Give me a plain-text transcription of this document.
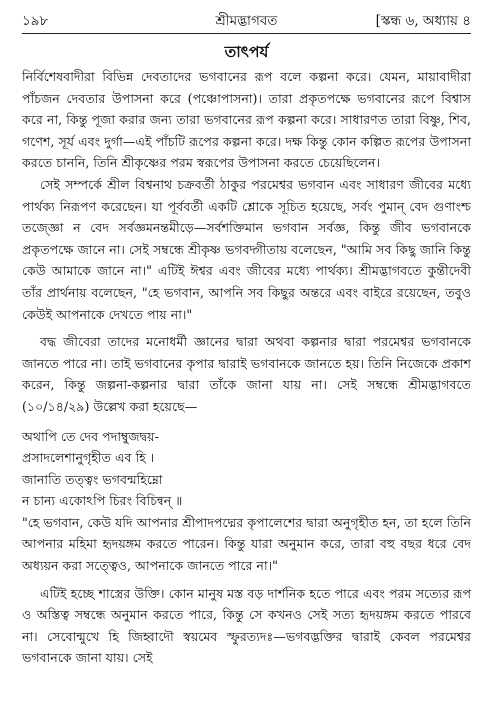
শ্রীমদ্ভাগবত
১৯৮	[স্কন্ধ ৬, অধ্যায় ৪
তাৎপর্য

নির্বিশেষবাদীরা বিভিন্ন দেবতাদের ভগবানের রূপ বলে কল্পনা করে। যেমন, মায়াবাদীরা পাঁচজন দেবতার উপাসনা করে (পঞ্চোপাসনা)। তারা প্রকৃতপক্ষে ভগবানের রূপে বিশ্বাস করে না, কিন্তু পূজা করার জন্য তারা ভগবানের রূপ কল্পনা করে। সাধারণত তারা বিষ্ণু, শিব, গণেশ, সূর্য এবং দুর্গা—এই পাঁচটি রূপের কল্পনা করে। দক্ষ কিন্তু কোন কল্পিত রূপের উপাসনা করতে চাননি, তিনি শ্রীকৃষ্ণের পরম স্বরূপের উপাসনা করতে চেয়েছিলেন।

সেই সম্পর্কে শ্রীল বিশ্বনাথ চক্রবর্তী ঠাকুর পরমেশ্বর ভগবান এবং সাধারণ জীবের মধ্যে পার্থক্য নিরূপণ করেছেন। যা পূর্ববর্তী একটি শ্লোকে সূচিত হয়েছে, সর্বং পুমান্ বেদ গুণাংশ্চ তজ্জ্ঞো ন বেদ সর্বজ্ঞমনন্তমীড়ে—সর্বশক্তিমান ভগবান সর্বজ্ঞ, কিন্তু জীব ভগবানকে প্রকৃতপক্ষে জানে না। সেই সম্বন্ধে শ্রীকৃষ্ণ ভগবদ্গীতায় বলেছেন, "আমি সব কিছু জানি কিন্তু কেউ আমাকে জানে না।" এটিই ঈশ্বর এবং জীবের মধ্যে পার্থক্য। শ্রীমদ্ভাগবতে কুন্তীদেবী তাঁর প্রার্থনায় বলেছেন, "হে ভগবান, আপনি সব কিছুর অন্তরে এবং বাইরে রয়েছেন, তবুও কেউই আপনাকে দেখতে পায় না।"

বদ্ধ জীবেরা তাদের মনোধর্মী জ্ঞানের দ্বারা অথবা কল্পনার দ্বারা পরমেশ্বর ভগবানকে জানতে পারে না। তাই ভগবানের কৃপার দ্বারাই ভগবানকে জানতে হয়। তিনি নিজেকে প্রকাশ করেন, কিন্তু জল্পনা-কল্পনার দ্বারা তাঁকে জানা যায় না। সেই সম্বন্ধে শ্রীমদ্ভাগবতে (১০/১৪/২৯) উল্লেখ করা হয়েছে—

অথাপি তে দেব পদাম্বুজদ্বয়-
প্রসাদলেশানুগৃহীত এব হি ।
জানাতি তত্ত্বং ভগবন্মহিম্নো
ন চান্য একোঽপি চিরং বিচিন্বন্ ॥

"হে ভগবান, কেউ যদি আপনার শ্রীপাদপদ্মের কৃপালেশের দ্বারা অনুগৃহীত হন, তা হলে তিনি আপনার মহিমা হৃদয়ঙ্গম করতে পারেন। কিন্তু যারা অনুমান করে, তারা বহু বছর ধরে বেদ অধ্যয়ন করা সত্ত্বেও, আপনাকে জানতে পারে না।"

এটিই হচ্ছে শাস্ত্রের উক্তি। কোন মানুষ মস্ত বড় দার্শনিক হতে পারে এবং পরম সত্যের রূপ ও অস্তিত্ব সম্বন্ধে অনুমান করতে পারে, কিন্তু সে কখনও সেই সত্য হৃদয়ঙ্গম করতে পারবে না। সেবোন্মুখে হি জিহ্বাদৌ স্বয়মেব স্ফুরত্যদঃ—ভগবদ্ভক্তির দ্বারাই কেবল পরমেশ্বর ভগবানকে জানা যায়। সেই
